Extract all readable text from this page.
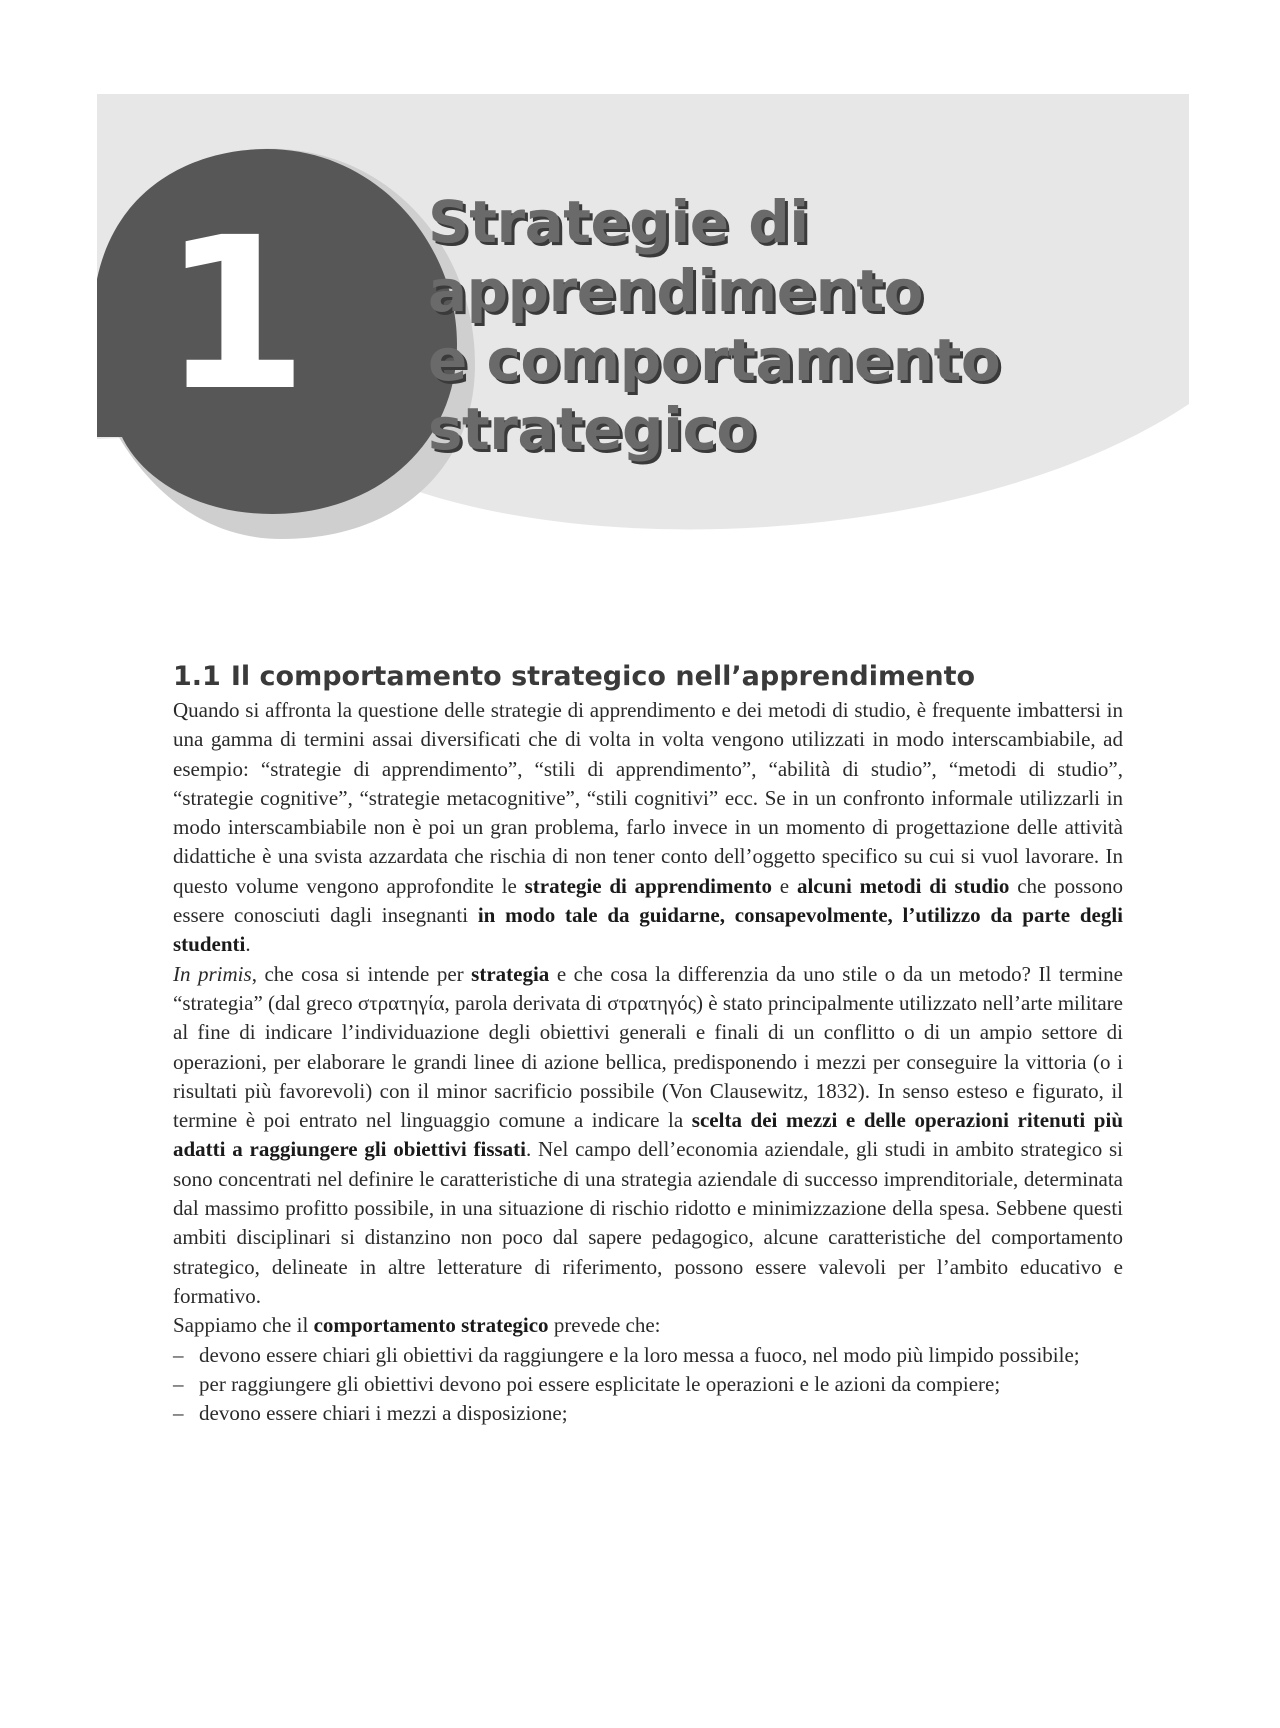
1 Strategie di
apprendimento
e comportamento
strategico
1.1 Il comportamento strategico nell’apprendimento

Quando si affronta la questione delle strategie di apprendimento e dei metodi di studio, è frequente imbattersi in una gamma di termini assai diversificati che di volta in volta vengono utilizzati in modo interscambiabile, ad esempio: “strategie di apprendimento”, “stili di apprendimento”, “abilità di studio”, “metodi di studio”, “strategie cognitive”, “strategie metacognitive”, “stili cognitivi” ecc. Se in un confronto informale utilizzarli in modo interscambiabile non è poi un gran problema, farlo invece in un momento di progettazione delle attività didattiche è una svista azzardata che rischia di non tener conto dell’oggetto specifico su cui si vuol lavorare. In questo volume vengono approfondite le strategie di apprendimento e alcuni metodi di studio che possono essere conosciuti dagli insegnanti in modo tale da guidarne, consapevolmente, l’utilizzo da parte degli studenti.

In primis, che cosa si intende per strategia e che cosa la differenzia da uno stile o da un metodo? Il termine “strategia” (dal greco στρατηγία, parola derivata di στρατηγός) è stato principalmente utilizzato nell’arte militare al fine di indicare l’individuazione degli obiettivi generali e finali di un conflitto o di un ampio settore di operazioni, per elaborare le grandi linee di azione bellica, predisponendo i mezzi per conseguire la vittoria (o i risultati più favorevoli) con il minor sacrificio possibile (Von Clausewitz, 1832). In senso esteso e figurato, il termine è poi entrato nel linguaggio comune a indicare la scelta dei mezzi e delle operazioni ritenuti più adatti a raggiungere gli obiettivi fissati. Nel campo dell’economia aziendale, gli studi in ambito strategico si sono concentrati nel definire le caratteristiche di una strategia aziendale di successo imprenditoriale, determinata dal massimo profitto possibile, in una situazione di rischio ridotto e minimizzazione della spesa. Sebbene questi ambiti disciplinari si distanzino non poco dal sapere pedagogico, alcune caratteristiche del comportamento strategico, delineate in altre letterature di riferimento, possono essere valevoli per l’ambito educativo e formativo.

Sappiamo che il comportamento strategico prevede che:

– devono essere chiari gli obiettivi da raggiungere e la loro messa a fuoco, nel modo più limpido possibile;
– per raggiungere gli obiettivi devono poi essere esplicitate le operazioni e le azioni da compiere;
– devono essere chiari i mezzi a disposizione;
